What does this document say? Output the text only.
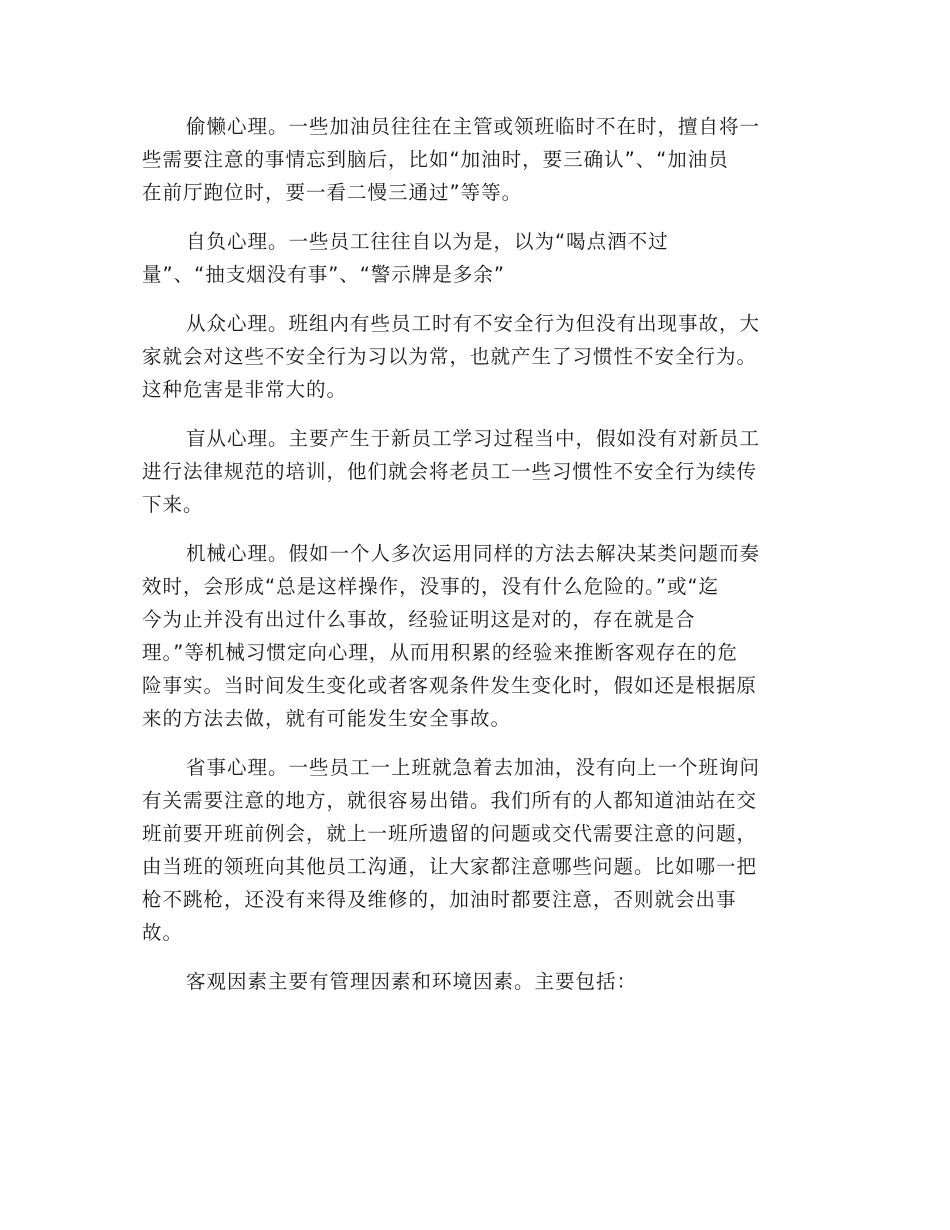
偷懒心理。一些加油员往往在主管或领班临时不在时，擅自将一
些需要注意的事情忘到脑后，比如“加油时，要三确认”、“加油员
在前厅跑位时，要一看二慢三通过”等等。

自负心理。一些员工往往自以为是，以为“喝点酒不过
量”、“抽支烟没有事”、“警示牌是多余”

从众心理。班组内有些员工时有不安全行为但没有出现事故，大
家就会对这些不安全行为习以为常，也就产生了习惯性不安全行为。
这种危害是非常大的。

盲从心理。主要产生于新员工学习过程当中，假如没有对新员工
进行法律规范的培训，他们就会将老员工一些习惯性不安全行为续传
下来。

机械心理。假如一个人多次运用同样的方法去解决某类问题而奏
效时，会形成“总是这样操作，没事的，没有什么危险的。”或“迄
今为止并没有出过什么事故，经验证明这是对的，存在就是合
理。”等机械习惯定向心理，从而用积累的经验来推断客观存在的危
险事实。当时间发生变化或者客观条件发生变化时，假如还是根据原
来的方法去做，就有可能发生安全事故。

省事心理。一些员工一上班就急着去加油，没有向上一个班询问
有关需要注意的地方，就很容易出错。我们所有的人都知道油站在交
班前要开班前例会，就上一班所遗留的问题或交代需要注意的问题，
由当班的领班向其他员工沟通，让大家都注意哪些问题。比如哪一把
枪不跳枪，还没有来得及维修的，加油时都要注意，否则就会出事
故。

客观因素主要有管理因素和环境因素。主要包括：
